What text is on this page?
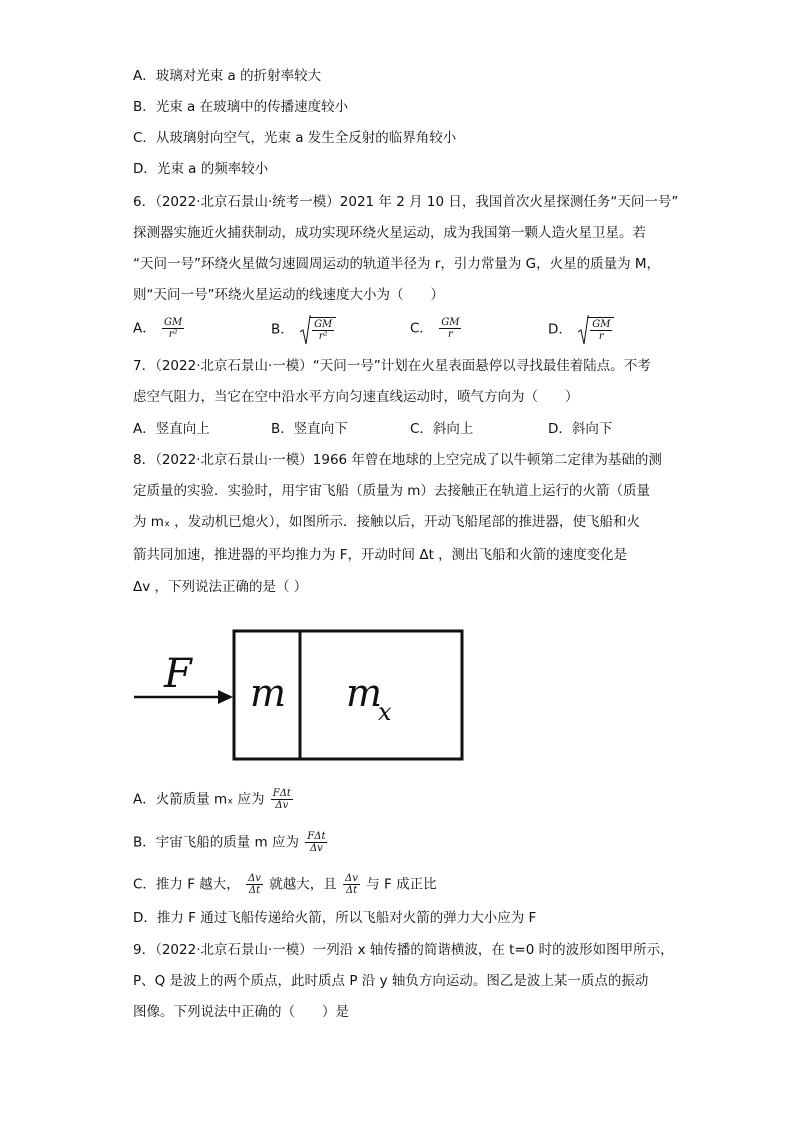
A．玻璃对光束 a 的折射率较大
B．光束 a 在玻璃中的传播速度较小
C．从玻璃射向空气，光束 a 发生全反射的临界角较小
D．光束 a 的频率较小
6．（2022·北京石景山·统考一模）2021 年 2 月 10 日，我国首次火星探测任务“天问一号”
探测器实施近火捕获制动，成功实现环绕火星运动，成为我国第一颗人造火星卫星。若
“天问一号”环绕火星做匀速圆周运动的轨道半径为 r，引力常量为 G，火星的质量为 M，
则“天问一号”环绕火星运动的线速度大小为（　　）
A． $\frac{GM}{\text{r²}}$	B． $\frac{GM}{\text{r²}}$	C． $\frac{GM}{r}$	D． $\frac{GM}{r}$
7．（2022·北京石景山·一模）“天问一号”计划在火星表面悬停以寻找最佳着陆点。不考
虑空气阻力，当它在空中沿水平方向匀速直线运动时，喷气方向为（　　）
A．竖直向上	B．竖直向下	C．斜向上	D．斜向下
8．（2022·北京石景山·一模）1966 年曾在地球的上空完成了以牛顿第二定律为基础的测
定质量的实验．实验时，用宇宙飞船（质量为 m）去接触正在轨道上运行的火箭（质量
为 mₓ ，发动机已熄火），如图所示．接触以后，开动飞船尾部的推进器，使飞船和火
箭共同加速，推进器的平均推力为 F，开动时间 Δt ，测出飞船和火箭的速度变化是
Δv ，下列说法正确的是（ ）
F m m
x
A．火箭质量 mₓ 应为 $\frac{\text{FΔt}}{\Delta v}$
B．宇宙飞船的质量 m 应为 $\frac{\text{FΔt}}{\Delta v}$
C．推力 F 越大， $\frac{\Delta v}{\Delta t}$ 就越大，且 $\frac{\Delta v}{\Delta t}$ 与 F 成正比
D．推力 F 通过飞船传递给火箭，所以飞船对火箭的弹力大小应为 F
9．（2022·北京石景山·一模）一列沿 x 轴传播的简谐横波，在 t=0 时的波形如图甲所示，
P、Q 是波上的两个质点，此时质点 P 沿 y 轴负方向运动。图乙是波上某一质点的振动
图像。下列说法中正确的（　　）是
